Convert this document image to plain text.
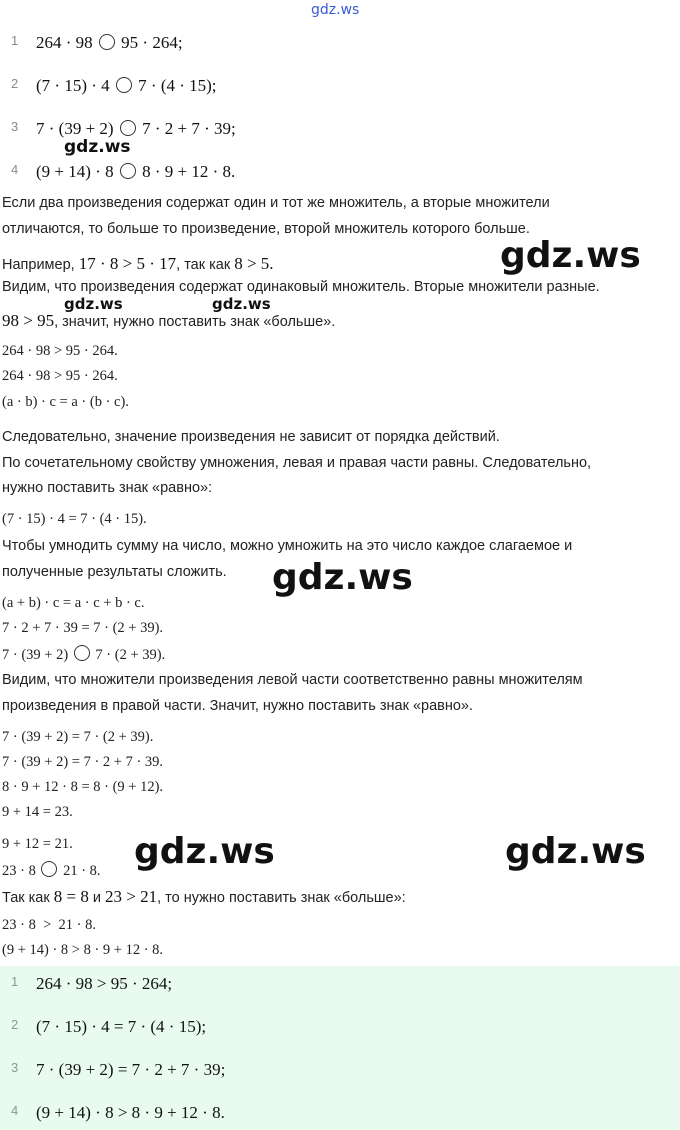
gdz.ws
gdz.ws
gdz.ws
gdz.ws	gdz.ws
gdz.ws
gdz.ws	gdz.ws
1 264 · 98 95 · 264;
2 (7 · 15) · 4 7 · (4 · 15);
3 7 · (39 + 2) 7 · 2 + 7 · 39;
4 (9 + 14) · 8 8 · 9 + 12 · 8.
Если два произведения содержат один и тот же множитель, а вторые множители
отличаются, то больше то произведение, второй множитель которого больше.
Например, 17 · 8 > 5 · 17, так как 8 > 5.
Видим, что произведения содержат одинаковый множитель. Вторые множители разные.
98 > 95, значит, нужно поставить знак «больше».
264 · 98 > 95 · 264.
264 · 98 > 95 · 264.
(a · b) · c = a · (b · c).
Следовательно, значение произведения не зависит от порядка действий.
По сочетательному свойству умножения, левая и правая части равны. Следовательно,
нужно поставить знак «равно»:
(7 · 15) · 4 = 7 · (4 · 15).
Чтобы умнодить сумму на число, можно умножить на это число каждое слагаемое и
полученные результаты сложить.
(a + b) · c = a · c + b · c.
7 · 2 + 7 · 39 = 7 · (2 + 39).
7 · (39 + 2) 7 · (2 + 39).
Видим, что множители произведения левой части соответственно равны множителям
произведения в правой части. Значит, нужно поставить знак «равно».
7 · (39 + 2) = 7 · (2 + 39).
7 · (39 + 2) = 7 · 2 + 7 · 39.
8 · 9 + 12 · 8 = 8 · (9 + 12).
9 + 14 = 23.
9 + 12 = 21.
23 · 8 21 · 8.
Так как 8 = 8 и 23 > 21, то нужно поставить знак «больше»:
23 · 8  >  21 · 8.
(9 + 14) · 8 > 8 · 9 + 12 · 8.
1 264 · 98 > 95 · 264;
2 (7 · 15) · 4 = 7 · (4 · 15);
3 7 · (39 + 2) = 7 · 2 + 7 · 39;
4 (9 + 14) · 8 > 8 · 9 + 12 · 8.
